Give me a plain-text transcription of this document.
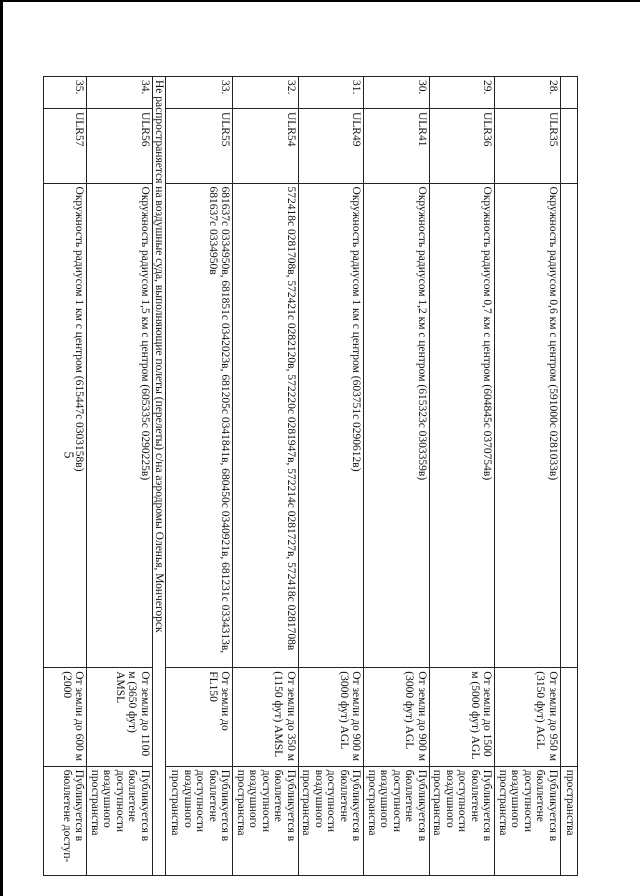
5
				пространства
28.	ULR35	Окружность радиусом 0,6 км с центром (591000с 0281033в)	От земли до 950 м (3150 фут) AGL	Публикуется в бюллетене доступности воздушного пространства
29.	ULR36	Окружность радиусом 0,7 км с центром (604845с 0370754в)	От земли до 1500 м (5000 фут) AGL	Публикуется в бюллетене доступности воздушного пространства
30.	ULR41	Окружность радиусом 1,2 км с центром (615323с 0303359в)	От земли до 900 м (3000 фут) AGL	Публикуется в бюллетене доступности воздушного пространства
31.	ULR49	Окружность радиусом 1 км с центром (603751с 0290612в)	От земли до 900 м (3000 фут) AGL	Публикуется в бюллетене доступности воздушного пространства
32.	ULR54	572418с 0281708в, 572421с 0282120в, 572220с 0281947в, 572214с 0281727в, 572418с 0281708в	От земли до 350 м (1150 фут) AMSL	Публикуется в бюллетене доступности воздушного пространства
33.	ULR55	681637с 0334950в, 681851с 0342023в, 681205с 0341841в, 680450с 0340921в, 681231с 0334313в, 681637с 0334950в	От земли до FL150	Публикуется в бюллетене доступности воздушного пространства
Не распространяется на воздушные суда, выполняющие полеты (перелеты) с/на аэродромы Оленья, Мончегорск				
34.	ULR56	Окружность радиусом 1,5 км с центром (605335с 0290225в)	От земли до 1100 м (3650 фут) AMSL	Публикуется в бюллетене доступности воздушного пространства
35.	ULR57	Окружность радиусом 1 км с центром (615447с 0303158в)	От земли до 600 м (2000	Публикуется в бюллетене доступ-
